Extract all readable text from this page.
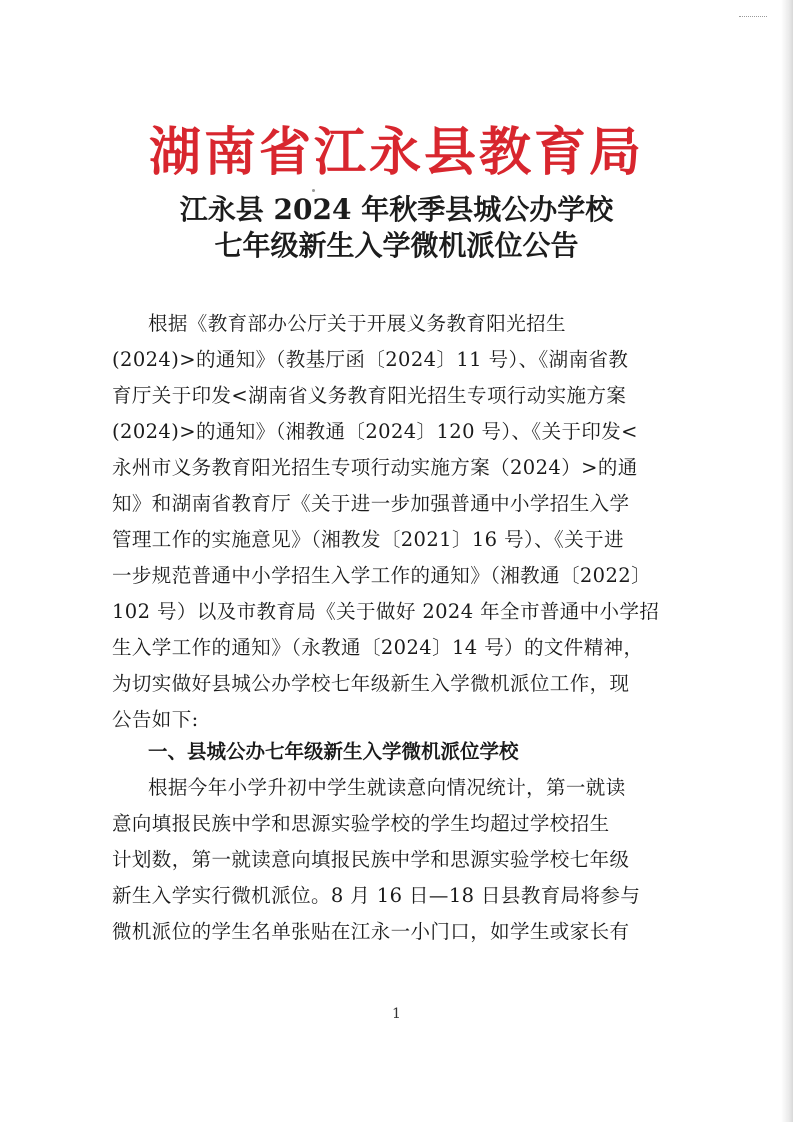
湖南省江永县教育局
江永县 2024 年秋季县城公办学校
七年级新生入学微机派位公告
根据《教育部办公厅关于开展义务教育阳光招生
(2024)>的通知》（教基厅函〔2024〕11 号）、《湖南省教
育厅关于印发<湖南省义务教育阳光招生专项行动实施方案
(2024)>的通知》（湘教通〔2024〕120 号）、《关于印发<
永州市义务教育阳光招生专项行动实施方案（2024）>的通
知》和湖南省教育厅《关于进一步加强普通中小学招生入学
管理工作的实施意见》（湘教发〔2021〕16 号）、《关于进
一步规范普通中小学招生入学工作的通知》（湘教通〔2022〕
102 号）以及市教育局《关于做好 2024 年全市普通中小学招
生入学工作的通知》（永教通〔2024〕14 号）的文件精神，
为切实做好县城公办学校七年级新生入学微机派位工作，现
公告如下:
一、县城公办七年级新生入学微机派位学校
根据今年小学升初中学生就读意向情况统计，第一就读
意向填报民族中学和思源实验学校的学生均超过学校招生
计划数，第一就读意向填报民族中学和思源实验学校七年级
新生入学实行微机派位。8 月 16 日—18 日县教育局将参与
微机派位的学生名单张贴在江永一小门口，如学生或家长有
1
